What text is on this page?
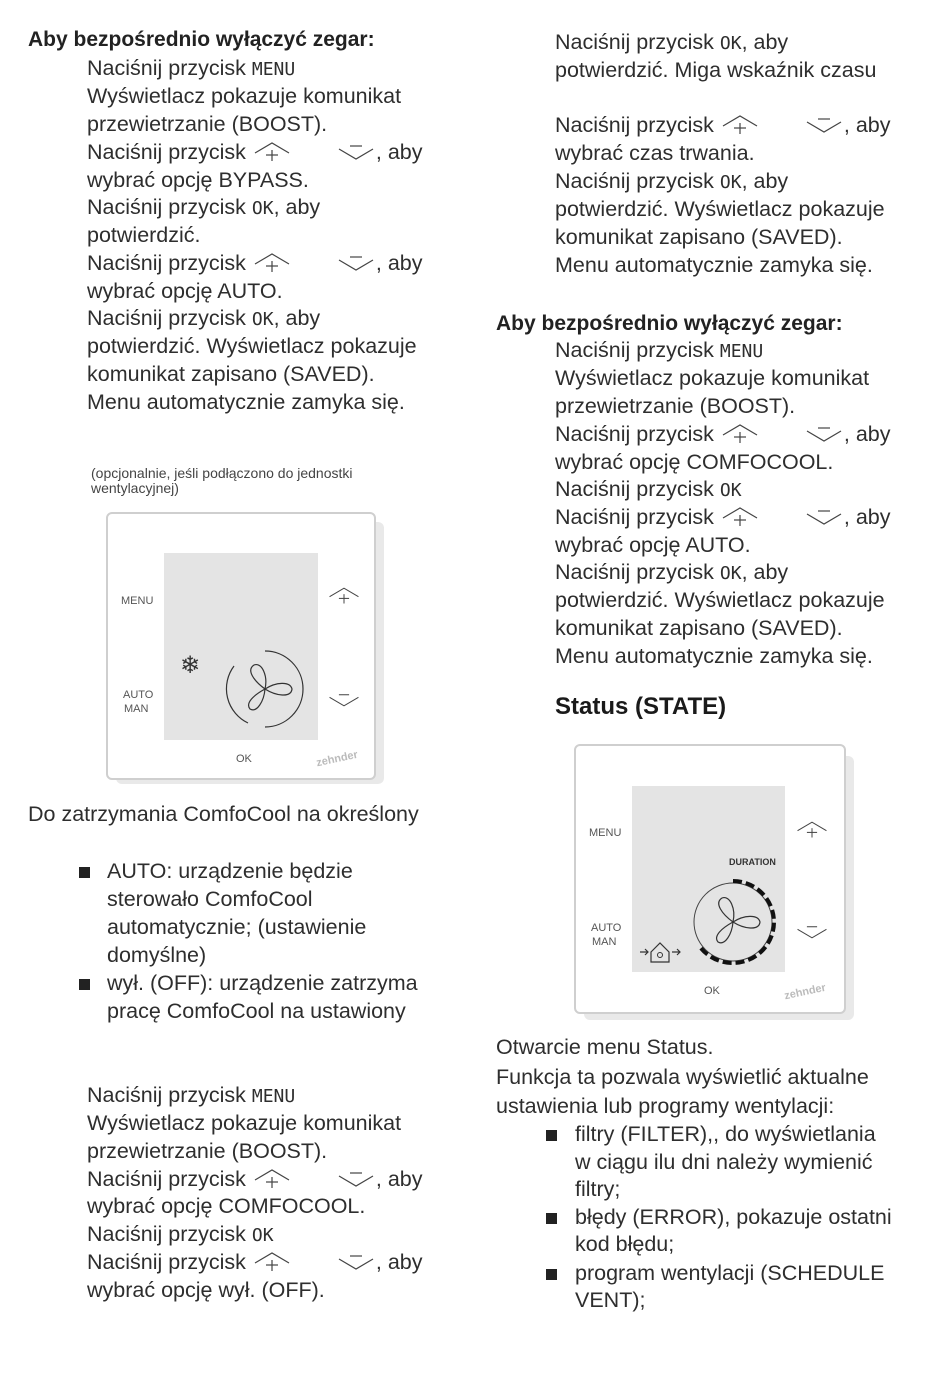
Aby bezpośrednio wyłączyć zegar:
Naciśnij przycisk MENU
Wyświetlacz pokazuje komunikat
przewietrzanie (BOOST).
Naciśnij przycisk	, aby
wybrać opcję BYPASS.
Naciśnij przycisk OK, aby
potwierdzić.
Naciśnij przycisk	, aby
wybrać opcję AUTO.
Naciśnij przycisk OK, aby
potwierdzić. Wyświetlacz pokazuje
komunikat zapisano (SAVED).
Menu automatycznie zamyka się.
(opcjonalnie, jeśli podłączono do jednostki
wentylacyjnej)
MENU
AUTO
MAN
OK	zehnder
❄
Do zatrzymania ComfoCool na określony
AUTO: urządzenie będzie
sterowało ComfoCool
automatycznie; (ustawienie
domyślne)
wył. (OFF): urządzenie zatrzyma
pracę ComfoCool na ustawiony
Naciśnij przycisk MENU
Wyświetlacz pokazuje komunikat
przewietrzanie (BOOST).
Naciśnij przycisk	, aby
wybrać opcję COMFOCOOL.
Naciśnij przycisk OK
Naciśnij przycisk	, aby
wybrać opcję wył. (OFF).
Naciśnij przycisk OK, aby
potwierdzić. Miga wskaźnik czasu
Naciśnij przycisk	, aby
wybrać czas trwania.
Naciśnij przycisk OK, aby
potwierdzić. Wyświetlacz pokazuje
komunikat zapisano (SAVED).
Menu automatycznie zamyka się.
Aby bezpośrednio wyłączyć zegar:
Naciśnij przycisk MENU
Wyświetlacz pokazuje komunikat
przewietrzanie (BOOST).
Naciśnij przycisk	, aby
wybrać opcję COMFOCOOL.
Naciśnij przycisk OK
Naciśnij przycisk	, aby
wybrać opcję AUTO.
Naciśnij przycisk OK, aby
potwierdzić. Wyświetlacz pokazuje
komunikat zapisano (SAVED).
Menu automatycznie zamyka się.
Status (STATE)
MENU
AUTO
MAN
OK	zehnder
DURATION
Otwarcie menu Status.
Funkcja ta pozwala wyświetlić aktualne
ustawienia lub programy wentylacji:
filtry (FILTER),, do wyświetlania
w ciągu ilu dni należy wymienić
filtry;
błędy (ERROR), pokazuje ostatni
kod błędu;
program wentylacji (SCHEDULE
VENT);
